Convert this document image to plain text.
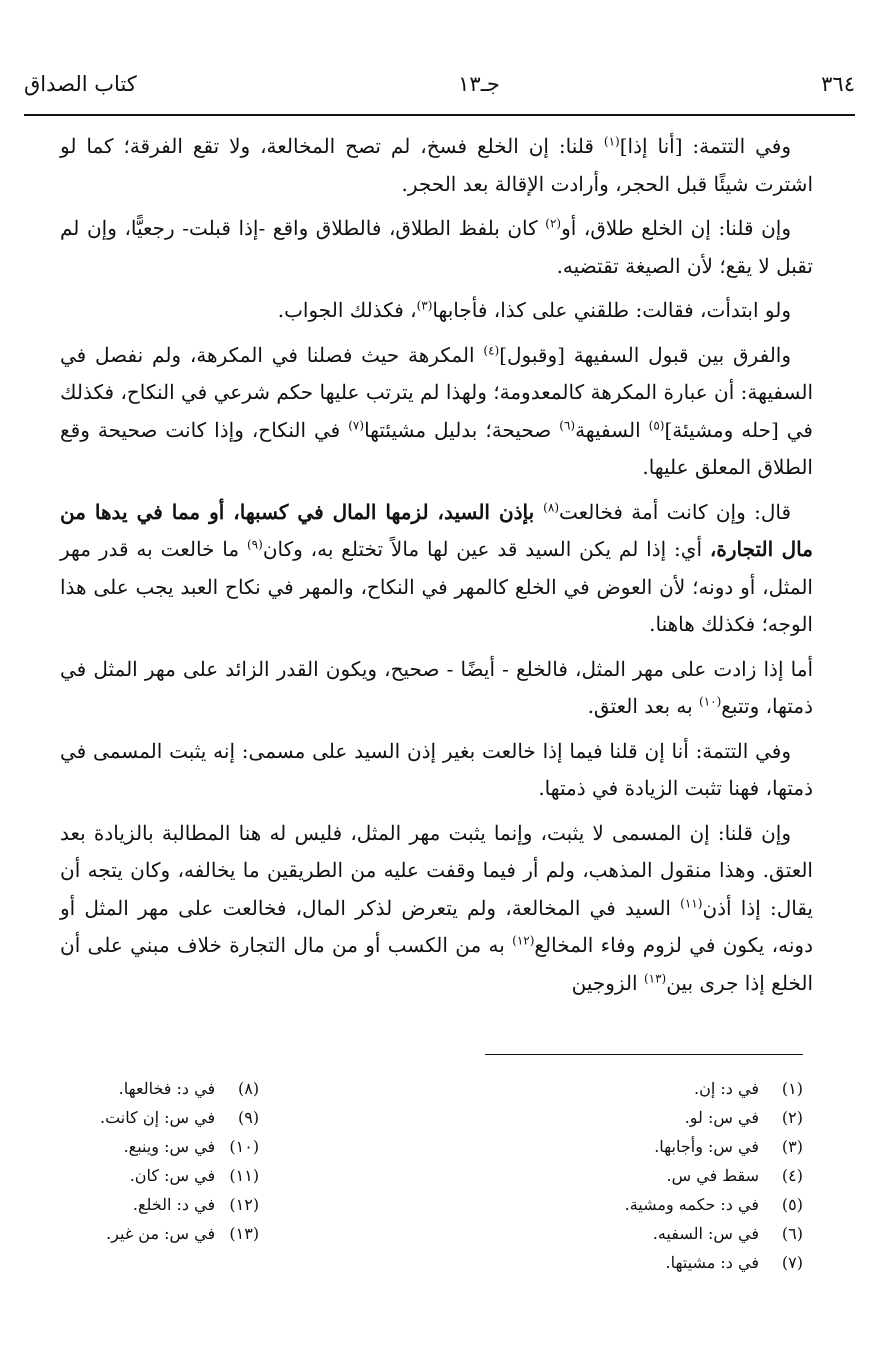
٣٦٤
جـ١٣
كتاب الصداق

وفي التتمة: [أنا إذا]$^{(١)}$ قلنا: إن الخلع فسخ، لم تصح المخالعة، ولا تقع الفرقة؛ كما لو اشترت شيئًا قبل الحجر، وأرادت الإقالة بعد الحجر.

وإن قلنا: إن الخلع طلاق، أو$^{(٢)}$ كان بلفظ الطلاق، فالطلاق واقع -إذا قبلت- رجعيًّا، وإن لم تقبل لا يقع؛ لأن الصيغة تقتضيه.

ولو ابتدأت، فقالت: طلقني على كذا، فأجابها$^{(٣)}$، فكذلك الجواب.

والفرق بين قبول السفيهة [وقبول]$^{(٤)}$ المكرهة حيث فصلنا في المكرهة، ولم نفصل في السفيهة: أن عبارة المكرهة كالمعدومة؛ ولهذا لم يترتب عليها حكم شرعي في النكاح، فكذلك في [حله ومشيئة]$^{(٥)}$ السفيهة$^{(٦)}$ صحيحة؛ بدليل مشيئتها$^{(٧)}$ في النكاح، وإذا كانت صحيحة وقع الطلاق المعلق عليها.

قال: وإن كانت أمة فخالعت$^{(٨)}$ بإذن السيد، لزمها المال في كسبها، أو مما في يدها من مال التجارة، أي: إذا لم يكن السيد قد عين لها مالاً تختلع به، وكان$^{(٩)}$ ما خالعت به قدر مهر المثل، أو دونه؛ لأن العوض في الخلع كالمهر في النكاح، والمهر في نكاح العبد يجب على هذا الوجه؛ فكذلك هاهنا.

أما إذا زادت على مهر المثل، فالخلع - أيضًا - صحيح، ويكون القدر الزائد على مهر المثل في ذمتها، وتتبع$^{(١٠)}$ به بعد العتق.

وفي التتمة: أنا إن قلنا فيما إذا خالعت بغير إذن السيد على مسمى: إنه يثبت المسمى في ذمتها، فهنا تثبت الزيادة في ذمتها.

وإن قلنا: إن المسمى لا يثبت، وإنما يثبت مهر المثل، فليس له هنا المطالبة بالزيادة بعد العتق. وهذا منقول المذهب، ولم أر فيما وقفت عليه من الطريقين ما يخالفه، وكان يتجه أن يقال: إذا أذن$^{(١١)}$ السيد في المخالعة، ولم يتعرض لذكر المال، فخالعت على مهر المثل أو دونه، يكون في لزوم وفاء المخالع$^{(١٢)}$ به من الكسب أو من مال التجارة خلاف مبني على أن الخلع إذا جرى بين$^{(١٣)}$ الزوجين

(١)في د: إن.
(٢)في س: لو.
(٣)في س: وأجابها.
(٤)سقط في س.
(٥)في د: حكمه ومشية.
(٦)في س: السفيه.
(٧)في د: مشيتها.
(٨)في د: فخالعها.
(٩)في س: إن كانت.
(١٠)في س: وينبع.
(١١)في س: كان.
(١٢)في د: الخلع.
(١٣)في س: من غير.
